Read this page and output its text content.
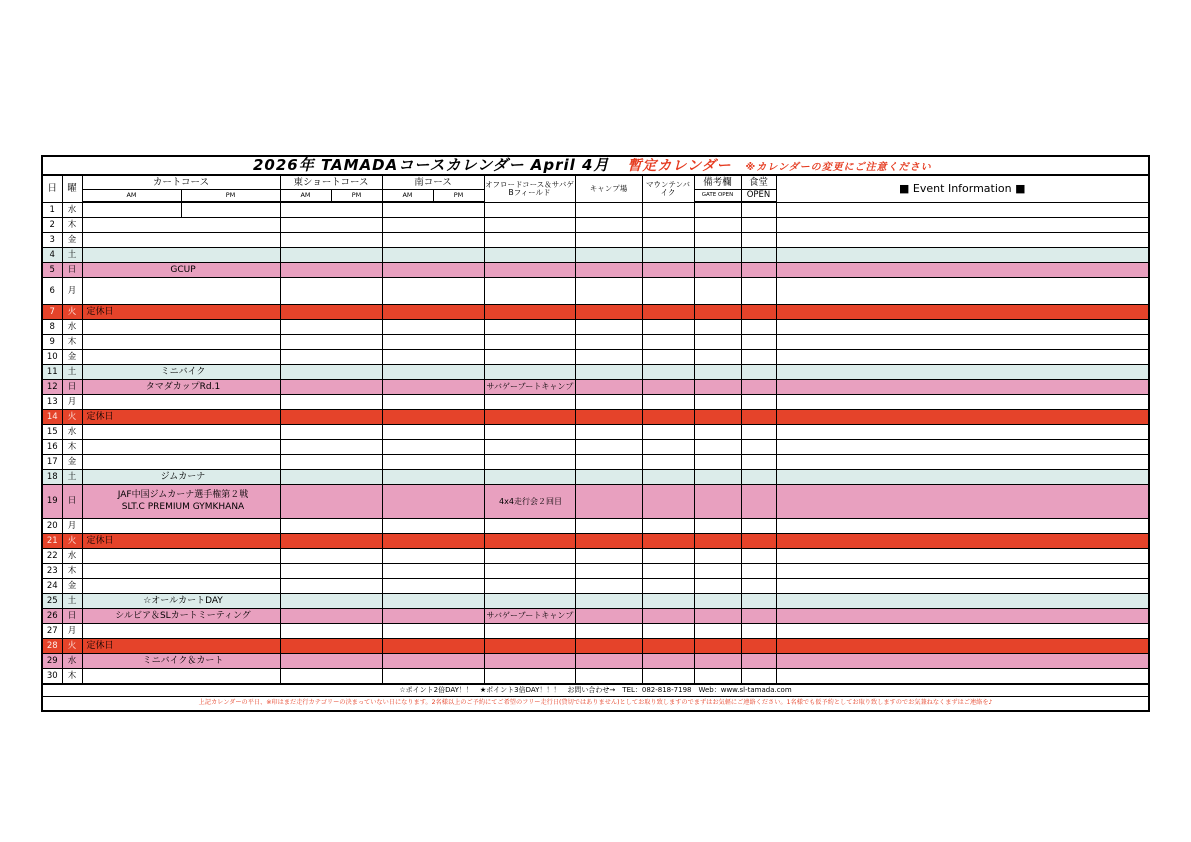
2026年 TAMADAコースカレンダー April 4月 暫定カレンダー ※カレンダーの変更にご注意ください													
日	曜	カートコース		東ショートコース		南コース		オフロードコース＆サバゲBフィールド	キャンプ場	マウンテンバイク	備考欄	食堂	■ Event Information ■
		AM	PM	AM	PM	AM	PM				GATE OPEN	OPEN	
1	水												
2	木												
3	金												
4	土												
5	日	GCUP											
6	月												
7	火	定休日											
8	水												
9	木												
10	金												
11	土	ミニバイク											
12	日	タマダカップRd.1						サバゲーブートキャンプ					
13	月												
14	火	定休日											
15	水												
16	木												
17	金												
18	土	ジムカーナ											
19	日	JAF中国ジムカーナ選手権第２戦
SLT.C PREMIUM GYMKHANA						4x4走行会２回目					
20	月												
21	火	定休日											
22	水												
23	木												
24	金												
25	土	☆オールカートDAY											
26	日	シルビア＆SLカートミーティング						サバゲーブートキャンプ					
27	月												
28	火	定休日											
29	水	ミニバイク＆カート											
30	木												
☆ポイント2倍DAY！！　★ポイント3倍DAY！！！　お問い合わせ→　TEL：082-818-7198　Web：www.sl-tamada.com													
上記カレンダーの平日、※印はまだ走行カテゴリーの決まっていない日になります。2名様以上のご予約にてご希望のフリー走行日(貸切ではありません)としてお取り致しますのでまずはお気軽にご連絡ください。1名様でも仮予約としてお取り致しますのでお気兼ねなくまずはご連絡を♪													
